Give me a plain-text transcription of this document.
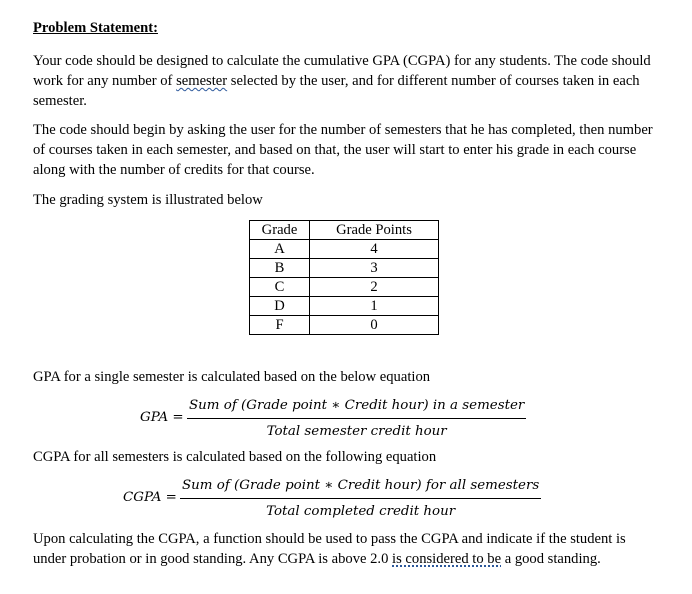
Problem Statement:

Your code should be designed to calculate the cumulative GPA (CGPA) for any students. The code should work for any number of semester selected by the user, and for different number of courses taken in each semester.

The code should begin by asking the user for the number of semesters that he has completed, then number of courses taken in each semester, and based on that, the user will start to enter his grade in each course along with the number of credits for that course.

The grading system is illustrated below

Grade	Grade Points
A	4
B	3
C	2
D	1
F	0

GPA for a single semester is calculated based on the below equation

GPA =
Sum of (Grade point ∗ Credit hour) in a semester
Total semester credit hour

CGPA for all semesters is calculated based on the following equation

CGPA =
Sum of (Grade point ∗ Credit hour) for all semesters
Total completed credit hour

Upon calculating the CGPA, a function should be used to pass the CGPA and indicate if the student is under probation or in good standing. Any CGPA is above 2.0 is considered to be a good standing.
